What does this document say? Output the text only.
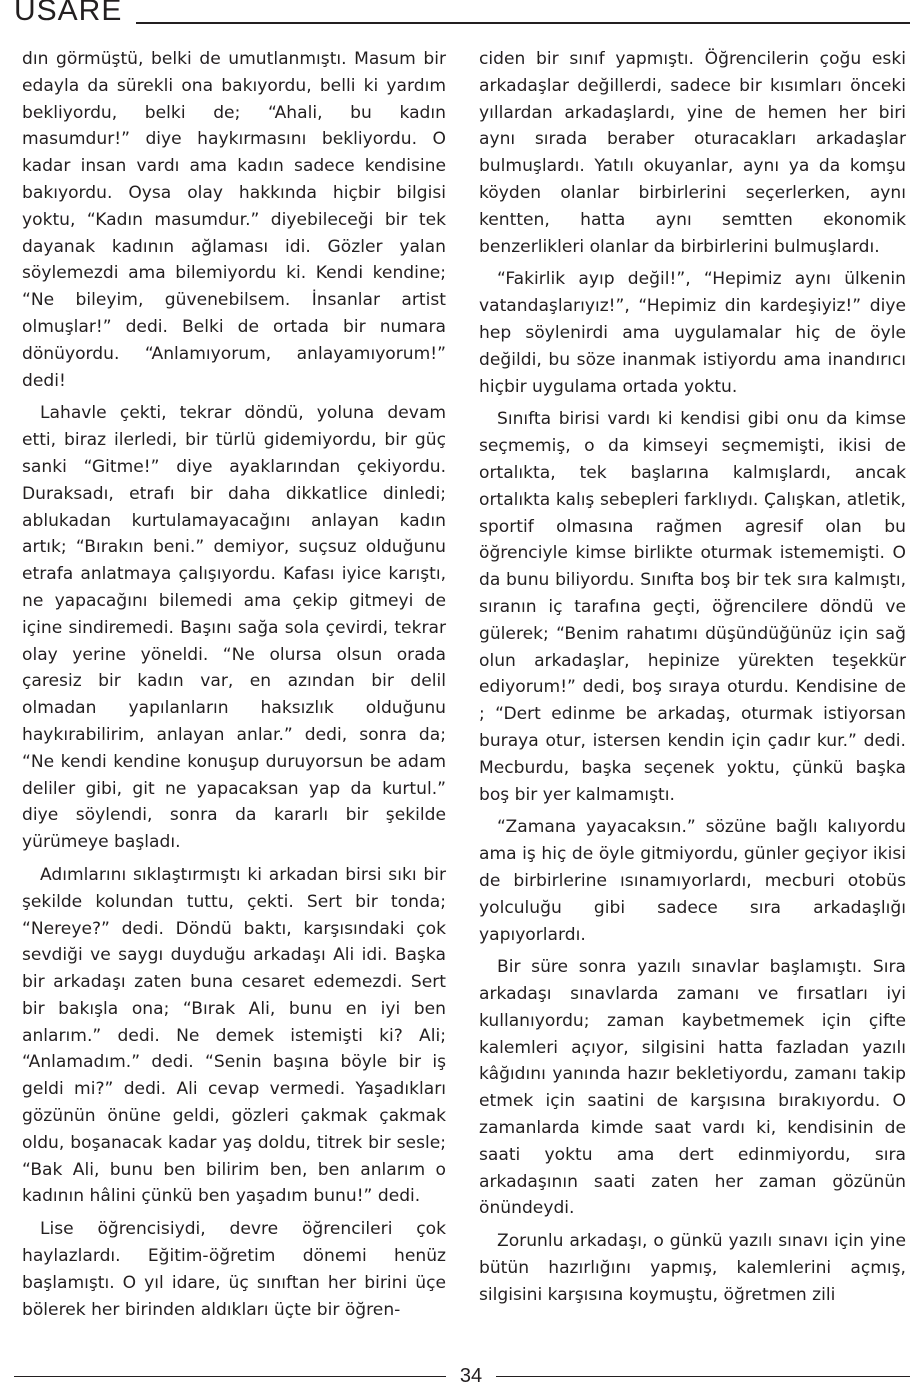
USARE

dın görmüştü, belki de umutlanmıştı. Masum bir edayla da sürekli ona bakıyordu, belli ki yardım bekliyordu, belki de; “Ahali, bu kadın masumdur!” diye haykırmasını bekliyordu. O kadar insan vardı ama kadın sadece kendisine bakıyordu. Oysa olay hakkında hiçbir bilgisi yoktu, “Kadın masumdur.” diyebileceği bir tek dayanak kadının ağlaması idi. Gözler yalan söylemezdi ama bilemiyordu ki. Kendi kendine; “Ne bileyim, güvenebilsem. İnsanlar artist olmuşlar!” dedi. Belki de ortada bir numara dönüyordu. “Anlamıyorum, anlayamıyorum!” dedi!

Lahavle çekti, tekrar döndü, yoluna devam etti, biraz ilerledi, bir türlü gidemiyordu, bir güç sanki “Gitme!” diye ayaklarından çekiyordu. Duraksadı, etrafı bir daha dikkatlice dinledi; ablukadan kurtulamayacağını anlayan kadın artık; “Bırakın beni.” demiyor, suçsuz olduğunu etrafa anlatmaya çalışıyordu. Kafası iyice karıştı, ne yapacağını bilemedi ama çekip gitmeyi de içine sindiremedi. Başını sağa sola çevirdi, tekrar olay yerine yöneldi. “Ne olursa olsun orada çaresiz bir kadın var, en azından bir delil olmadan yapılanların haksızlık olduğunu haykırabilirim, anlayan anlar.” dedi, sonra da; “Ne kendi kendine konuşup duruyorsun be adam deliler gibi, git ne yapacaksan yap da kurtul.” diye söylendi, sonra da kararlı bir şekilde yürümeye başladı.

Adımlarını sıklaştırmıştı ki arkadan birsi sıkı bir şekilde kolundan tuttu, çekti. Sert bir tonda; “Nereye?” dedi. Döndü baktı, karşısındaki çok sevdiği ve saygı duyduğu arkadaşı Ali idi. Başka bir arkadaşı zaten buna cesaret edemezdi. Sert bir bakışla ona; “Bırak Ali, bunu en iyi ben anlarım.” dedi. Ne demek istemişti ki? Ali; “Anlamadım.” dedi. “Senin başına böyle bir iş geldi mi?” dedi. Ali cevap vermedi. Yaşadıkları gözünün önüne geldi, gözleri çakmak çakmak oldu, boşanacak kadar yaş doldu, titrek bir sesle; “Bak Ali, bunu ben bilirim ben, ben anlarım o kadının hâlini çünkü ben yaşadım bunu!” dedi.

Lise öğrencisiydi, devre öğrencileri çok haylazlardı. Eğitim-öğretim dönemi henüz başlamıştı. O yıl idare, üç sınıftan her birini üçe bölerek her birinden aldıkları üçte bir öğren-

ciden bir sınıf yapmıştı. Öğrencilerin çoğu eski arkadaşlar değillerdi, sadece bir kısımları önceki yıllardan arkadaşlardı, yine de hemen her biri aynı sırada beraber oturacakları arkadaşlar bulmuşlardı. Yatılı okuyanlar, aynı ya da komşu köyden olanlar birbirlerini seçerlerken, aynı kentten, hatta aynı semtten ekonomik benzerlikleri olanlar da birbirlerini bulmuşlardı.

“Fakirlik ayıp değil!”, “Hepimiz aynı ülkenin vatandaşlarıyız!”, “Hepimiz din kardeşiyiz!” diye hep söylenirdi ama uygulamalar hiç de öyle değildi, bu söze inanmak istiyordu ama inandırıcı hiçbir uygulama ortada yoktu.

Sınıfta birisi vardı ki kendisi gibi onu da kimse seçmemiş, o da kimseyi seçmemişti, ikisi de ortalıkta, tek başlarına kalmışlardı, ancak ortalıkta kalış sebepleri farklıydı. Çalışkan, atletik, sportif olmasına rağmen agresif olan bu öğrenciyle kimse birlikte oturmak istememişti. O da bunu biliyordu. Sınıfta boş bir tek sıra kalmıştı, sıranın iç tarafına geçti, öğrencilere döndü ve gülerek; “Benim rahatımı düşündüğünüz için sağ olun arkadaşlar, hepinize yürekten teşekkür ediyorum!” dedi, boş sıraya oturdu. Kendisine de ; “Dert edinme be arkadaş, oturmak istiyorsan buraya otur, istersen kendin için çadır kur.” dedi. Mecburdu, başka seçenek yoktu, çünkü başka boş bir yer kalmamıştı.

“Zamana yayacaksın.” sözüne bağlı kalıyordu ama iş hiç de öyle gitmiyordu, günler geçiyor ikisi de birbirlerine ısınamıyorlardı, mecburi otobüs yolculuğu gibi sadece sıra arkadaşlığı yapıyorlardı.

Bir süre sonra yazılı sınavlar başlamıştı. Sıra arkadaşı sınavlarda zamanı ve fırsatları iyi kullanıyordu; zaman kaybetmemek için çifte kalemleri açıyor, silgisini hatta fazladan yazılı kâğıdını yanında hazır bekletiyordu, zamanı takip etmek için saatini de karşısına bırakıyordu. O zamanlarda kimde saat vardı ki, kendisinin de saati yoktu ama dert edinmiyordu, sıra arkadaşının saati zaten her zaman gözünün önündeydi.

Zorunlu arkadaşı, o günkü yazılı sınavı için yine bütün hazırlığını yapmış, kalemlerini açmış, silgisini karşısına koymuştu, öğretmen zili

34
